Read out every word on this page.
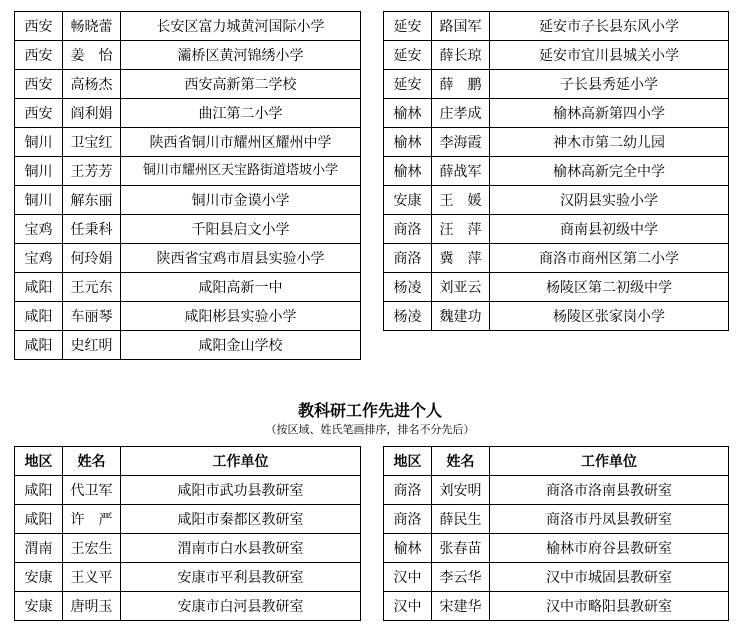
西安	畅晓蕾	长安区富力城黄河国际小学
西安	姜　怡	灞桥区黄河锦绣小学
西安	高杨杰	西安高新第二学校
西安	阎利娟	曲江第二小学
铜川	卫宝红	陕西省铜川市耀州区耀州中学
铜川	王芳芳	铜川市耀州区天宝路街道塔坡小学
铜川	解东丽	铜川市金谟小学
宝鸡	任秉科	千阳县启文小学
宝鸡	何玲娟	陕西省宝鸡市眉县实验小学
咸阳	王元东	咸阳高新一中
咸阳	车丽琴	咸阳彬县实验小学
咸阳	史红明	咸阳金山学校
延安	路国军	延安市子长县东风小学
延安	薛长琼	延安市宜川县城关小学
延安	薛　鹏	子长县秀延小学
榆林	庄孝成	榆林高新第四小学
榆林	李海霞	神木市第二幼儿园
榆林	薛战军	榆林高新完全中学
安康	王　媛	汉阴县实验小学
商洛	汪　萍	商南县初级中学
商洛	冀　萍	商洛市商州区第二小学
杨凌	刘亚云	杨陵区第二初级中学
杨凌	魏建功	杨陵区张家岗小学
教科研工作先进个人
（按区域、姓氏笔画排序，排名不分先后）
地区	姓名	工作单位
咸阳	代卫军	咸阳市武功县教研室
咸阳	许　严	咸阳市秦都区教研室
渭南	王宏生	渭南市白水县教研室
安康	王义平	安康市平利县教研室
安康	唐明玉	安康市白河县教研室
地区	姓名	工作单位
商洛	刘安明	商洛市洛南县教研室
商洛	薛民生	商洛市丹凤县教研室
榆林	张春苗	榆林市府谷县教研室
汉中	李云华	汉中市城固县教研室
汉中	宋建华	汉中市略阳县教研室
